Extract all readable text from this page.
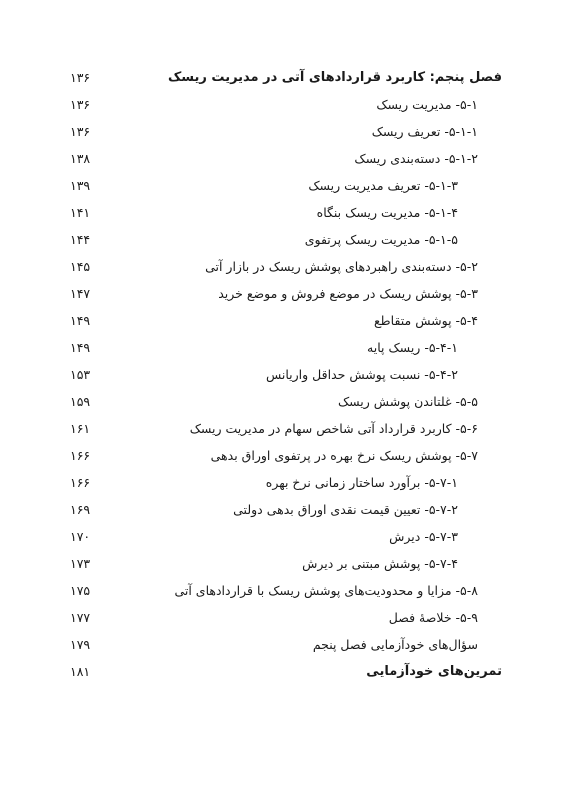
فصل پنجم: کاربرد قراردادهای آتی در مدیریت ریسک
۱۳۶
۵-۱- مدیریت ریسک
۱۳۶
۵-۱-۱- تعریف ریسک
۱۳۶
۵-۱-۲- دسته‌بندی ریسک
۱۳۸
۵-۱-۳- تعریف مدیریت ریسک
۱۳۹
۵-۱-۴- مدیریت ریسک بنگاه
۱۴۱
۵-۱-۵- مدیریت ریسک پرتفوی
۱۴۴
۵-۲- دسته‌بندی راهبردهای پوشش ریسک در بازار آتی
۱۴۵
۵-۳- پوشش ریسک در موضع فروش و موضع خرید
۱۴۷
۵-۴- پوشش متقاطع
۱۴۹
۵-۴-۱- ریسک پایه
۱۴۹
۵-۴-۲- نسبت پوشش حداقل واریانس
۱۵۳
۵-۵- غلتاندن پوشش ریسک
۱۵۹
۵-۶- کاربرد قرارداد آتی شاخص سهام در مدیریت ریسک
۱۶۱
۵-۷- پوشش ریسک نرخ بهره در پرتفوی اوراق بدهی
۱۶۶
۵-۷-۱- برآورد ساختار زمانی نرخ بهره
۱۶۶
۵-۷-۲- تعیین قیمت نقدی اوراق بدهی دولتی
۱۶۹
۵-۷-۳- دیرش
۱۷۰
۵-۷-۴- پوشش مبتنی بر دیرش
۱۷۳
۵-۸- مزایا و محدودیت‌های پوشش ریسک با قراردادهای آتی
۱۷۵
۵-۹- خلاصهٔ فصل
۱۷۷
سؤال‌های خودآزمایی فصل پنجم
۱۷۹
تمرین‌های خودآزمایی
۱۸۱
